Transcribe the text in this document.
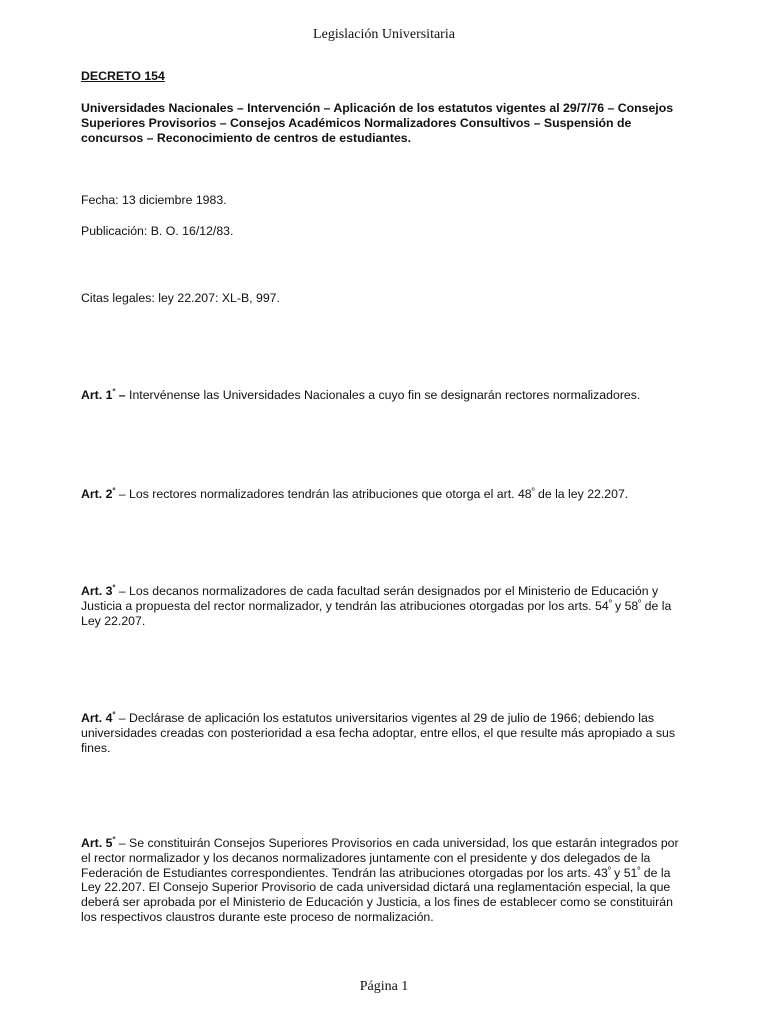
Legislación Universitaria
DECRETO 154
Universidades Nacionales – Intervención – Aplicación de los estatutos vigentes al 29/7/76 – Consejos Superiores Provisorios – Consejos Académicos Normalizadores Consultivos – Suspensión de concursos – Reconocimiento de centros de estudiantes.
Fecha: 13 diciembre 1983.
Publicación: B. O. 16/12/83.
Citas legales: ley 22.207: XL-B, 997.
Art. $1^º$ – Intervénense las Universidades Nacionales a cuyo fin se designarán rectores normalizadores.
Art. $2^º$ – Los rectores normalizadores tendrán las atribuciones que otorga el art. $48^º$ de la ley 22.207.
Art. $3^º$ – Los decanos normalizadores de cada facultad serán designados por el Ministerio de Educación y Justicia a propuesta del rector normalizador, y tendrán las atribuciones otorgadas por los arts. $54^º$ y $58^º$ de la Ley 22.207.
Art. $4^º$ – Declárase de aplicación los estatutos universitarios vigentes al 29 de julio de 1966; debiendo las universidades creadas con posterioridad a esa fecha adoptar, entre ellos, el que resulte más apropiado a sus fines.
Art. $5^º$ – Se constituirán Consejos Superiores Provisorios en cada universidad, los que estarán integrados por el rector normalizador y los decanos normalizadores juntamente con el presidente y dos delegados de la Federación de Estudiantes correspondientes. Tendrán las atribuciones otorgadas por los arts. $43^º$ y $51^º$ de la Ley 22.207. El Consejo Superior Provisorio de cada universidad dictará una reglamentación especial, la que deberá ser aprobada por el Ministerio de Educación y Justicia, a los fines de establecer como se constituirán los respectivos claustros durante este proceso de normalización.
Página 1
